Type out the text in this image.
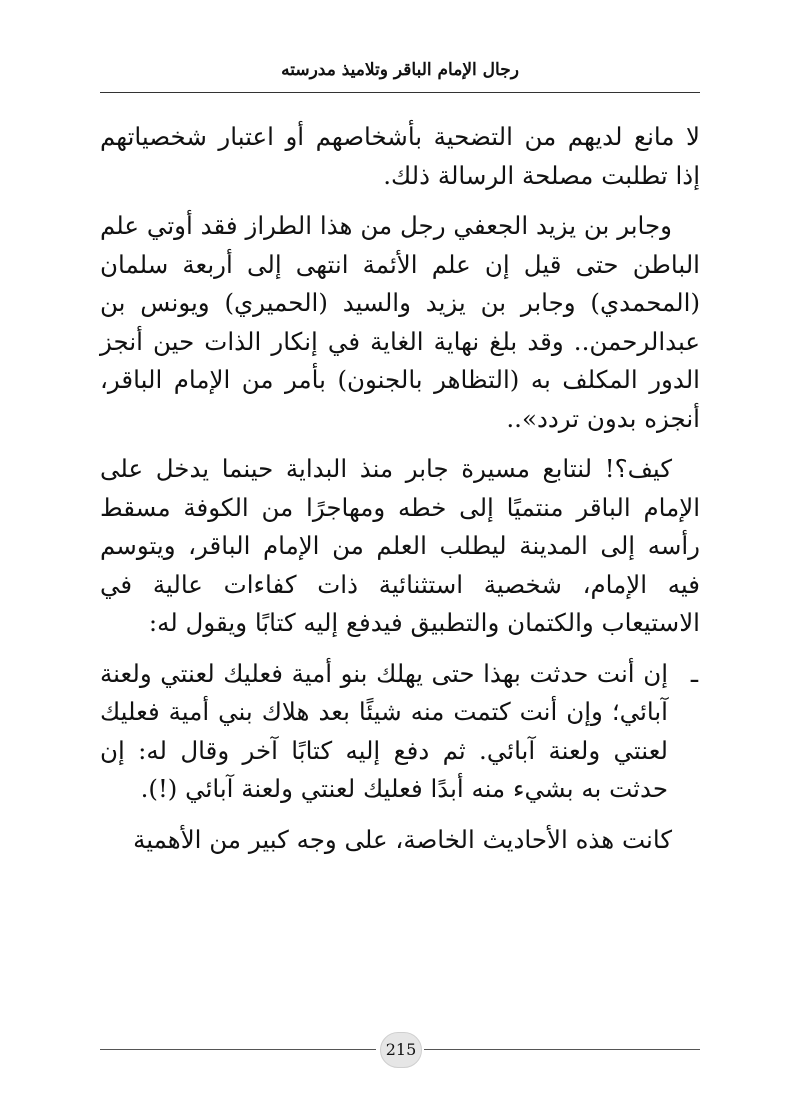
رجال الإمام الباقر وتلاميذ مدرسته

لا مانع لديهم من التضحية بأشخاصهم أو اعتبار شخصياتهم إذا تطلبت مصلحة الرسالة ذلك.

وجابر بن يزيد الجعفي رجل من هذا الطراز فقد أوتي علم الباطن حتى قيل إن علم الأئمة انتهى إلى أربعة سلمان (المحمدي) وجابر بن يزيد والسيد (الحميري) ويونس بن عبدالرحمن.. وقد بلغ نهاية الغاية في إنكار الذات حين أنجز الدور المكلف به (التظاهر بالجنون) بأمر من الإمام الباقر، أنجزه بدون تردد»..

كيف؟! لنتابع مسيرة جابر منذ البداية حينما يدخل على الإمام الباقر منتميًا إلى خطه ومهاجرًا من الكوفة مسقط رأسه إلى المدينة ليطلب العلم من الإمام الباقر، ويتوسم فيه الإمام، شخصية استثنائية ذات كفاءات عالية في الاستيعاب والكتمان والتطبيق فيدفع إليه كتابًا ويقول له:

ـ
إن أنت حدثت بهذا حتى يهلك بنو أمية فعليك لعنتي ولعنة آبائي؛ وإن أنت كتمت منه شيئًا بعد هلاك بني أمية فعليك لعنتي ولعنة آبائي. ثم دفع إليه كتابًا آخر وقال له: إن حدثت به بشيء منه أبدًا فعليك لعنتي ولعنة آبائي (!).

كانت هذه الأحاديث الخاصة، على وجه كبير من الأهمية

215
